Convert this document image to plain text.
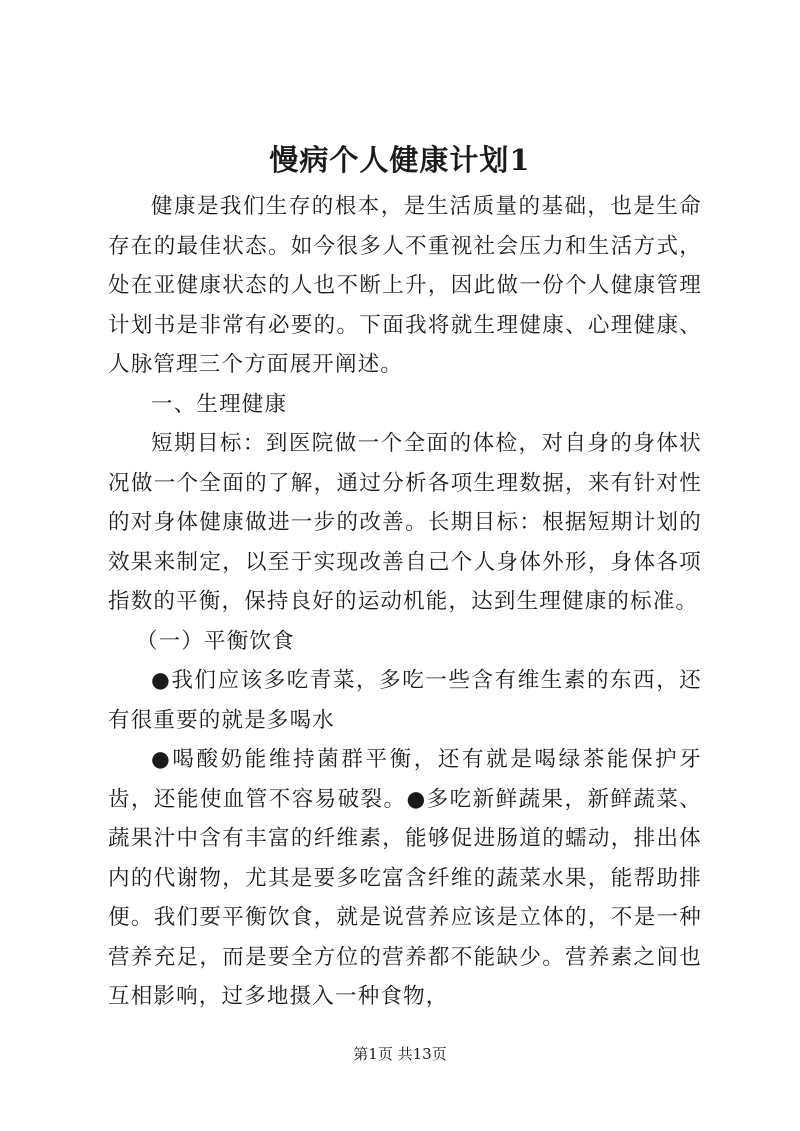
慢病个人健康计划1

健康是我们生存的根本，是生活质量的基础，也是生命存在的最佳状态。如今很多人不重视社会压力和生活方式，处在亚健康状态的人也不断上升，因此做一份个人健康管理计划书是非常有必要的。下面我将就生理健康、心理健康、人脉管理三个方面展开阐述。

一、生理健康

短期目标：到医院做一个全面的体检，对自身的身体状况做一个全面的了解，通过分析各项生理数据，来有针对性的对身体健康做进一步的改善。长期目标：根据短期计划的效果来制定，以至于实现改善自己个人身体外形，身体各项指数的平衡，保持良好的运动机能，达到生理健康的标准。

（一）平衡饮食

●我们应该多吃青菜，多吃一些含有维生素的东西，还有很重要的就是多喝水

●喝酸奶能维持菌群平衡，还有就是喝绿茶能保护牙齿，还能使血管不容易破裂。●多吃新鲜蔬果，新鲜蔬菜、蔬果汁中含有丰富的纤维素，能够促进肠道的蠕动，排出体内的代谢物，尤其是要多吃富含纤维的蔬菜水果，能帮助排便。我们要平衡饮食，就是说营养应该是立体的，不是一种营养充足，而是要全方位的营养都不能缺少。营养素之间也互相影响，过多地摄入一种食物，

第1页 共13页
